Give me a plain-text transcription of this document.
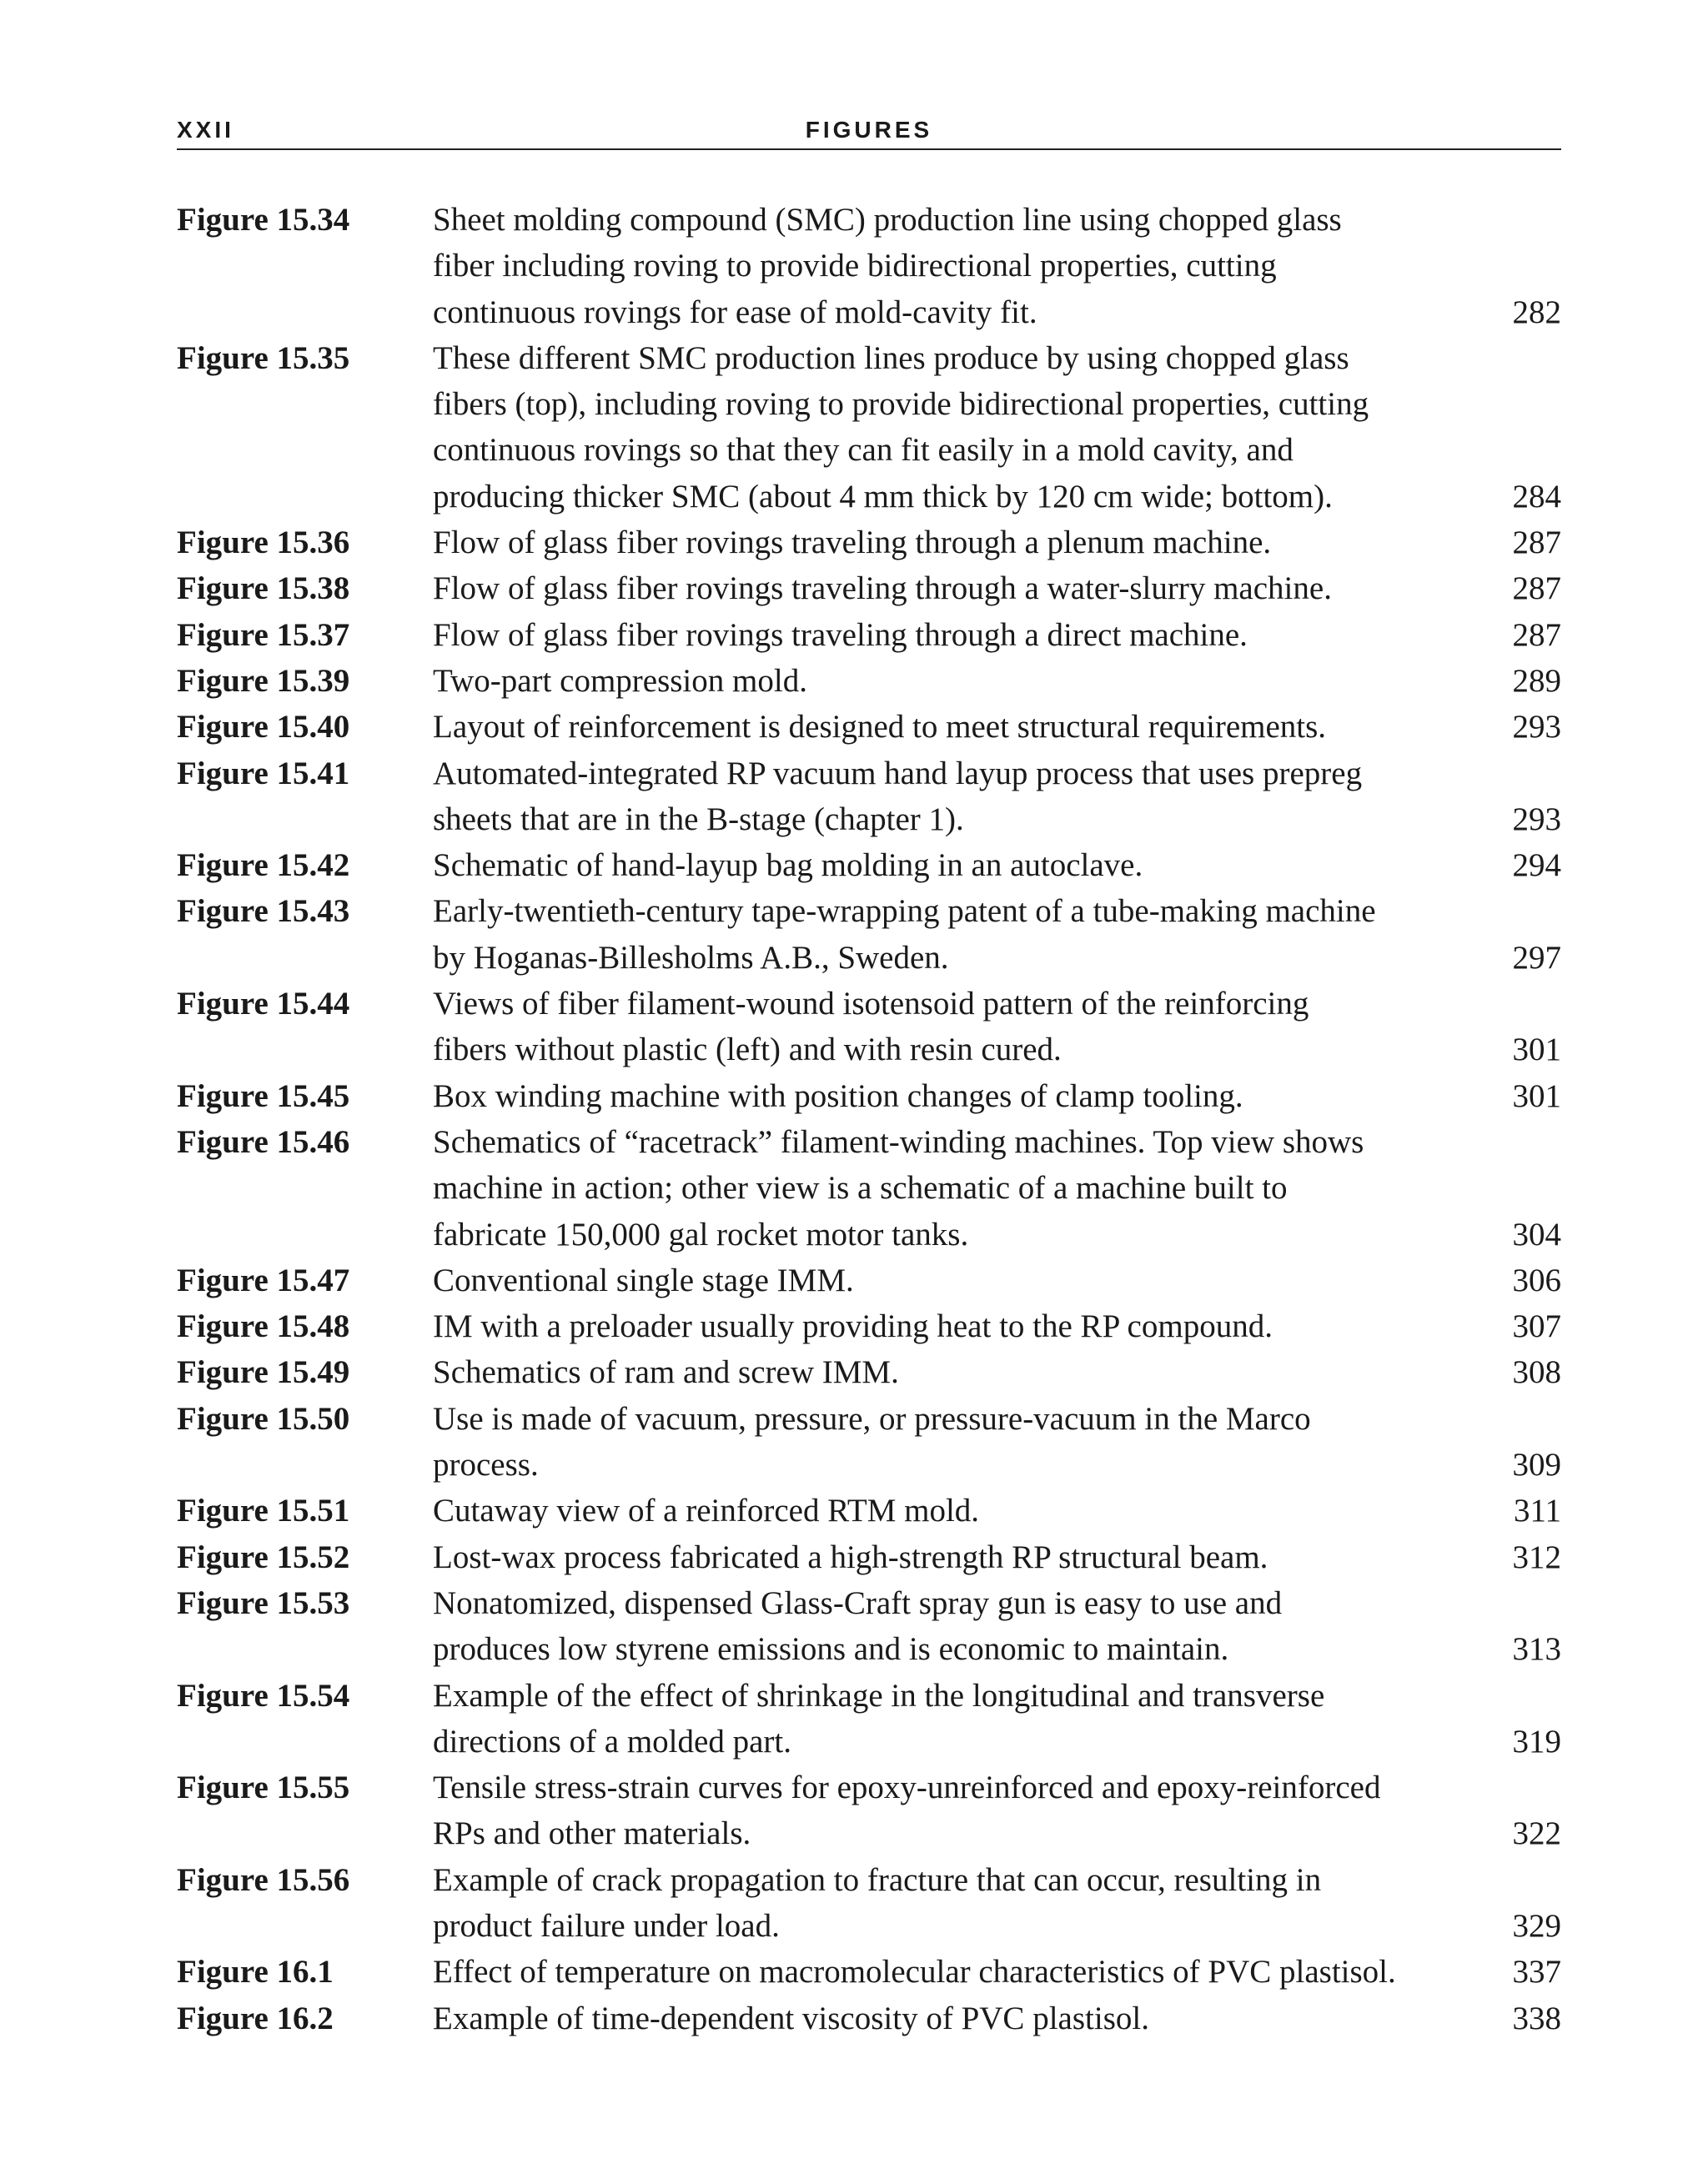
XXII	FIGURES
Figure 15.34	Sheet molding compound (SMC) production line using chopped glass
fiber including roving to provide bidirectional properties, cutting
continuous rovings for ease of mold-cavity fit.	282
Figure 15.35	These different SMC production lines produce by using chopped glass
fibers (top), including roving to provide bidirectional properties, cutting
continuous rovings so that they can fit easily in a mold cavity, and
producing thicker SMC (about 4 mm thick by 120 cm wide; bottom).	284
Figure 15.36	Flow of glass fiber rovings traveling through a plenum machine.	287
Figure 15.38	Flow of glass fiber rovings traveling through a water-slurry machine.	287
Figure 15.37	Flow of glass fiber rovings traveling through a direct machine.	287
Figure 15.39	Two-part compression mold.	289
Figure 15.40	Layout of reinforcement is designed to meet structural requirements.	293
Figure 15.41	Automated-integrated RP vacuum hand layup process that uses prepreg
sheets that are in the B-stage (chapter 1).	293
Figure 15.42	Schematic of hand-layup bag molding in an autoclave.	294
Figure 15.43	Early-twentieth-century tape-wrapping patent of a tube-making machine
by Hoganas-Billesholms A.B., Sweden.	297
Figure 15.44	Views of fiber filament-wound isotensoid pattern of the reinforcing
fibers without plastic (left) and with resin cured.	301
Figure 15.45	Box winding machine with position changes of clamp tooling.	301
Figure 15.46	Schematics of “racetrack” filament-winding machines. Top view shows
machine in action; other view is a schematic of a machine built to
fabricate 150,000 gal rocket motor tanks.	304
Figure 15.47	Conventional single stage IMM.	306
Figure 15.48	IM with a preloader usually providing heat to the RP compound.	307
Figure 15.49	Schematics of ram and screw IMM.	308
Figure 15.50	Use is made of vacuum, pressure, or pressure-vacuum in the Marco
process.	309
Figure 15.51	Cutaway view of a reinforced RTM mold.	311
Figure 15.52	Lost-wax process fabricated a high-strength RP structural beam.	312
Figure 15.53	Nonatomized, dispensed Glass-Craft spray gun is easy to use and
produces low styrene emissions and is economic to maintain.	313
Figure 15.54	Example of the effect of shrinkage in the longitudinal and transverse
directions of a molded part.	319
Figure 15.55	Tensile stress-strain curves for epoxy-unreinforced and epoxy-reinforced
RPs and other materials.	322
Figure 15.56	Example of crack propagation to fracture that can occur, resulting in
product failure under load.	329
Figure 16.1	Effect of temperature on macromolecular characteristics of PVC plastisol.	337
Figure 16.2	Example of time-dependent viscosity of PVC plastisol.	338
